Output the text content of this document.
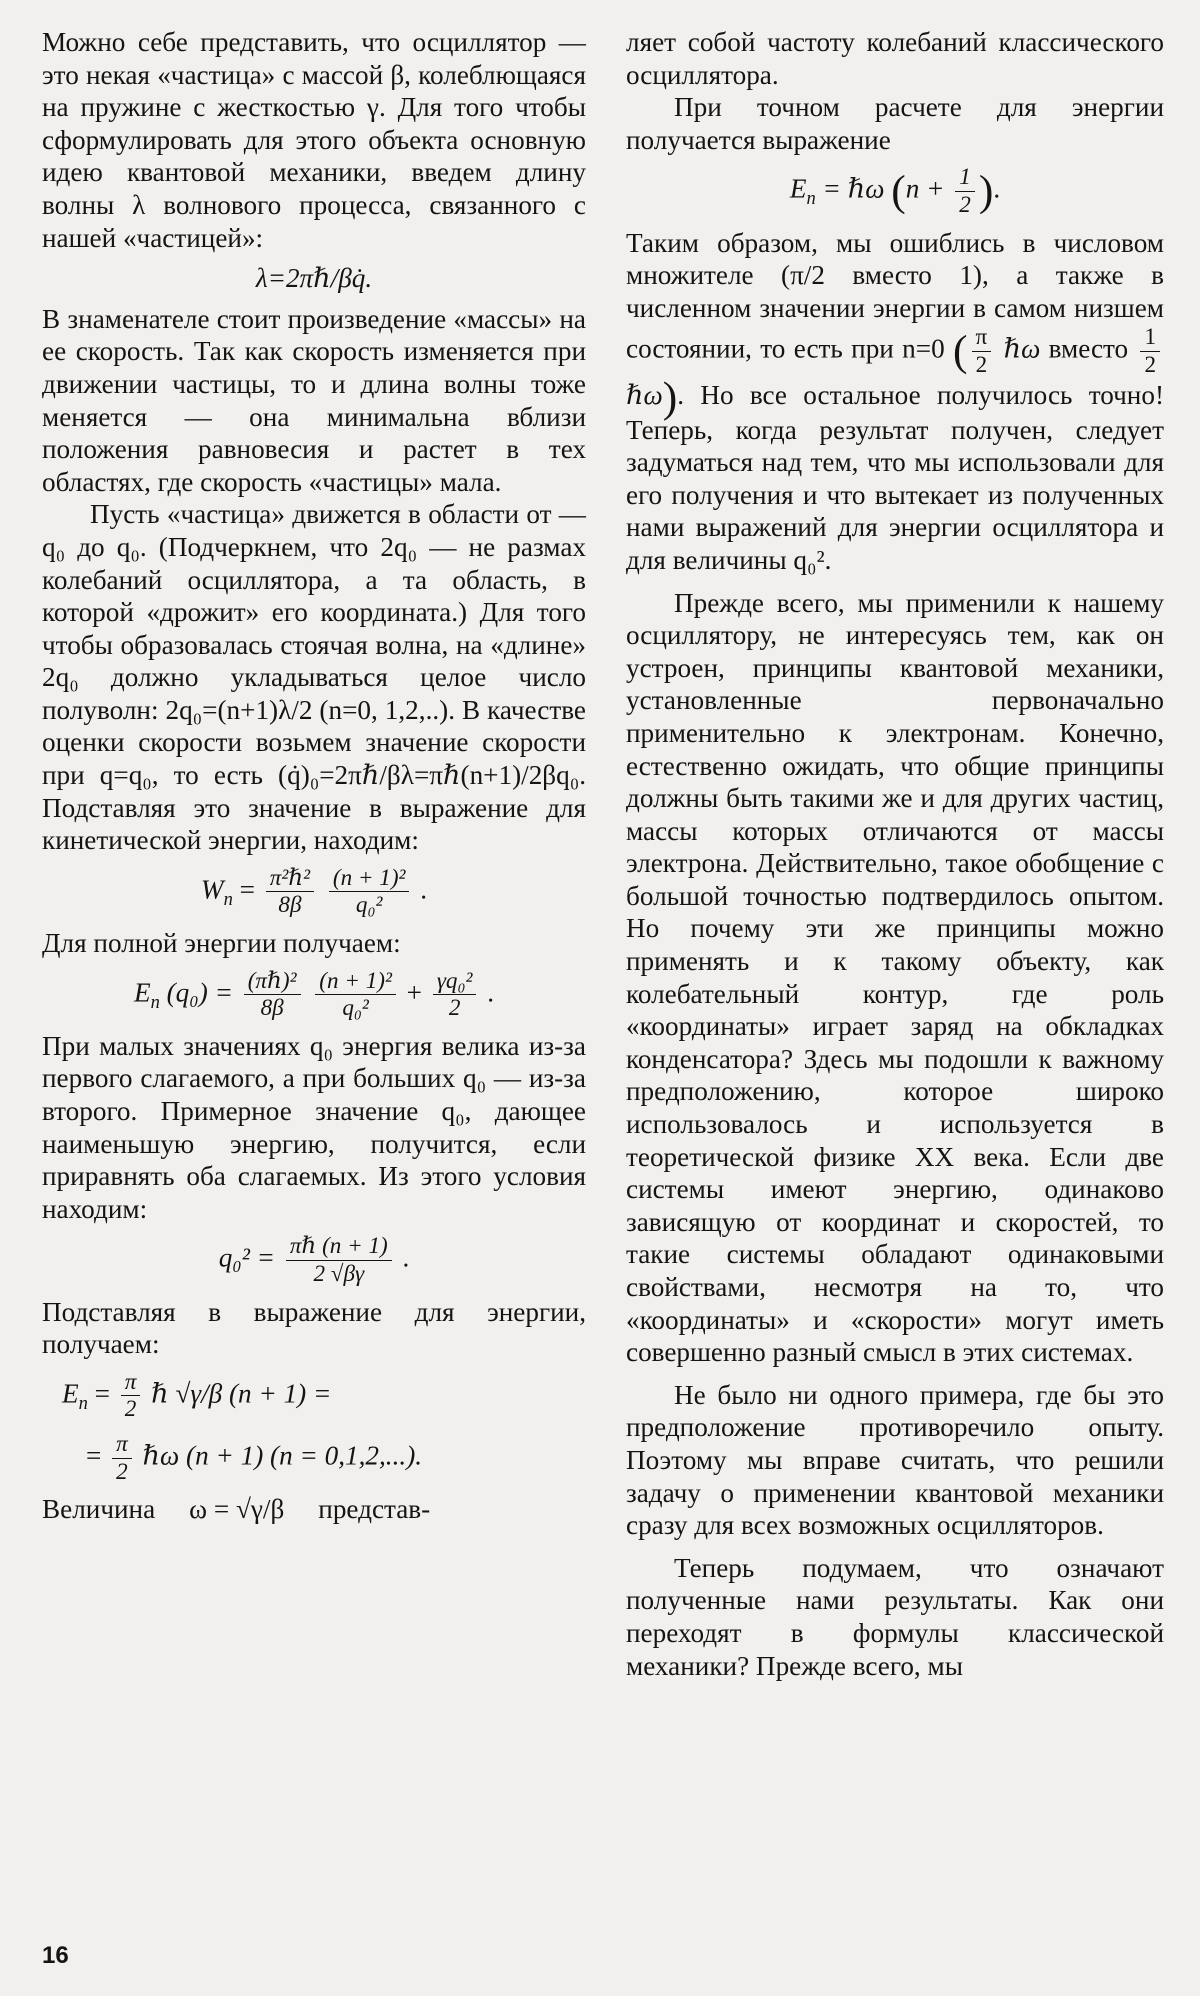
Можно себе представить, что осциллятор — это некая «частица» с массой β, колеблющаяся на пружине с жесткостью γ. Для того чтобы сформулировать для этого объекта основную идею квантовой механики, введем длину волны λ волнового процесса, связанного с нашей «частицей»:

λ=2πℏ/βq̇.

В знаменателе стоит произведение «массы» на ее скорость. Так как скорость изменяется при движении частицы, то и длина волны тоже меняется — она минимальна вблизи положения равновесия и растет в тех областях, где скорость «частицы» мала.

Пусть «частица» движется в области от —q₀ до q₀. (Подчеркнем, что 2q₀ — не размах колебаний осциллятора, а та область, в которой «дрожит» его координата.) Для того чтобы образовалась стоячая волна, на «длине» 2q₀ должно укладываться целое число полуволн: 2q₀=(n+1)λ/2 (n=0, 1,2,..). В качестве оценки скорости возьмем значение скорости при q=q₀, то есть (q̇)₀=2πℏ/βλ=πℏ(n+1)/2βq₀. Подставляя это значение в выражение для кинетической энергии, находим:

$W_n = \frac{\text{π²ℏ²}}{8\beta}$
$\frac{\text{(n + 1)²}}{\text{q₀²}}$ .

Для полной энергии получаем:

$E_n$ $(q_0) = \frac{\text{(πℏ)²}}{8\beta}$
$\frac{\text{(n + 1)²}}{\text{q₀²}} + \frac{\text{γq₀²}}{2}$ .

При малых значениях q₀ энергия велика из-за первого слагаемого, а при больших q₀ — из-за второго. Примерное значение q₀, дающее наименьшую энергию, получится, если приравнять оба слагаемых. Из этого условия находим:

$q_0^2 = \frac{\text{πℏ (n + 1)}}{2 √\beta\gamma}$ .

Подставляя в выражение для энергии, получаем:

$E_n = \frac{\pi}{2}$ ℏ √γ/β (n + 1) =
= $\frac{\pi}{2}$ ℏω (n + 1) (n = 0,1,2,...).

Величина     ω = √γ/β     представ-

ляет собой частоту колебаний классического осциллятора.

При точном расчете для энергии получается выражение

$E_n$ = ℏω ($n + \frac{1}{2}$ ).

Таким образом, мы ошиблись в числовом множителе (π/2 вместо 1), а также в численном значении энергии в самом низшем состоянии, то есть при n=0 ( $\frac{\pi}{2}$ ℏω вместо $\frac{1}{2}$
ℏω). Но все остальное получилось точно! Теперь, когда результат получен, следует задуматься над тем, что мы использовали для его получения и что вытекает из полученных нами выражений для энергии осциллятора и для величины q₀².

Прежде всего, мы применили к нашему осциллятору, не интересуясь тем, как он устроен, принципы квантовой механики, установленные первоначально применительно к электронам. Конечно, естественно ожидать, что общие принципы должны быть такими же и для других частиц, массы которых отличаются от массы электрона. Действительно, такое обобщение с большой точностью подтвердилось опытом. Но почему эти же принципы можно применять и к такому объекту, как колебательный контур, где роль «координаты» играет заряд на обкладках конденсатора? Здесь мы подошли к важному предположению, которое широко использовалось и используется в теоретической физике XX века. Если две системы имеют энергию, одинаково зависящую от координат и скоростей, то такие системы обладают одинаковыми свойствами, несмотря на то, что «координаты» и «скорости» могут иметь совершенно разный смысл в этих системах.

Не было ни одного примера, где бы это предположение противоречило опыту. Поэтому мы вправе считать, что решили задачу о применении квантовой механики сразу для всех возможных осцилляторов.

Теперь подумаем, что означают полученные нами результаты. Как они переходят в формулы классической механики? Прежде всего, мы

16
